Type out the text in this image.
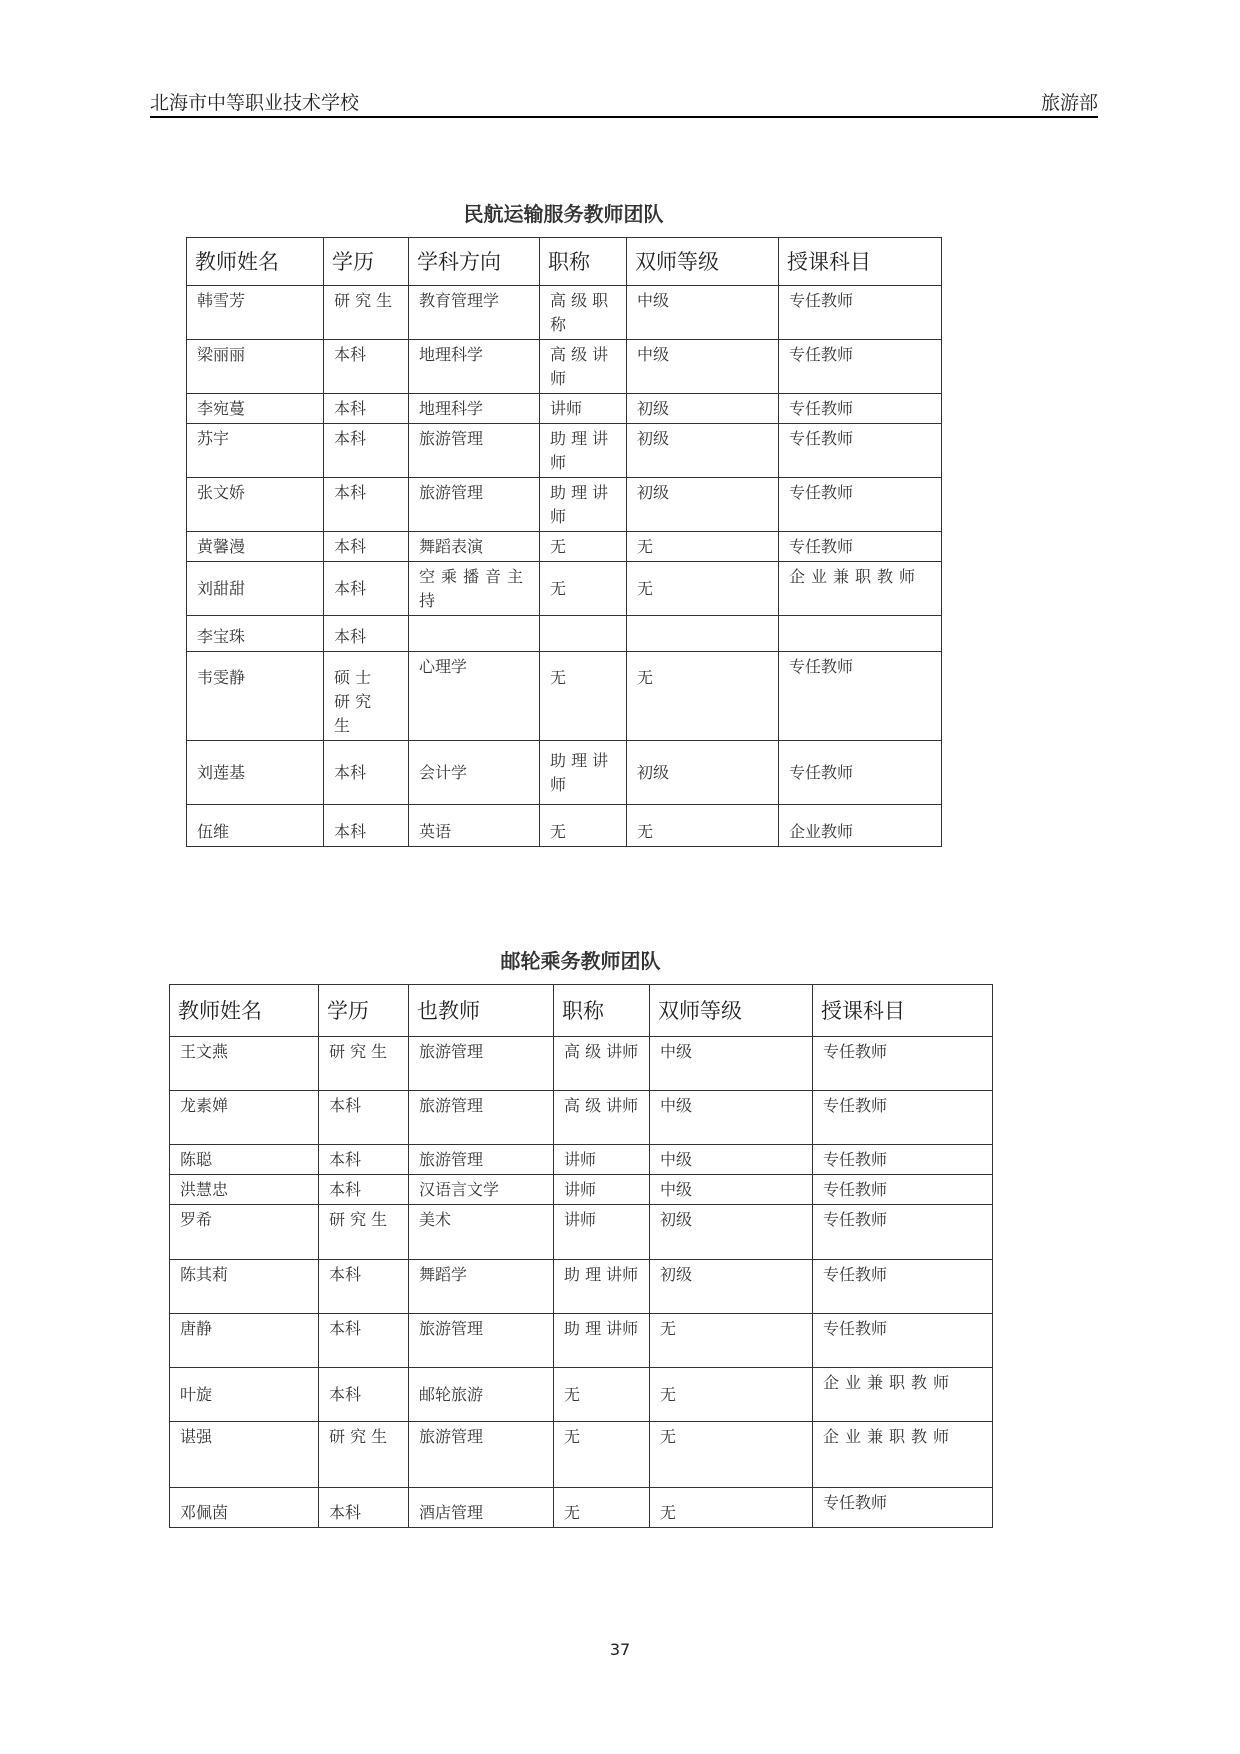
北海市中等职业技术学校	旅游部
民航运输服务教师团队
教师姓名	学历	学科方向	职称	双师等级	授课科目
韩雪芳	研 究 生	教育管理学	高 级 职称	中级	专任教师
梁丽丽	本科	地理科学	高 级 讲师	中级	专任教师
李宛蔓	本科	地理科学	讲师	初级	专任教师
苏宇	本科	旅游管理	助 理 讲师	初级	专任教师
张文娇	本科	旅游管理	助 理 讲师	初级	专任教师
黄馨漫	本科	舞蹈表演	无	无	专任教师
刘甜甜	本科	空乘播音主持	无	无	企业兼职教师
李宝珠	本科				
韦雯静	硕 士 研 究 生	心理学	无	无	专任教师
刘莲基	本科	会计学	助 理 讲师	初级	专任教师
伍维	本科	英语	无	无	企业教师
邮轮乘务教师团队
教师姓名	学历	也教师	职称	双师等级	授课科目
王文燕	研 究 生	旅游管理	高 级 讲师	中级	专任教师
龙素婵	本科	旅游管理	高 级 讲师	中级	专任教师
陈聪	本科	旅游管理	讲师	中级	专任教师
洪慧忠	本科	汉语言文学	讲师	中级	专任教师
罗希	研 究 生	美术	讲师	初级	专任教师
陈其莉	本科	舞蹈学	助 理 讲师	初级	专任教师
唐静	本科	旅游管理	助 理 讲师	无	专任教师
叶旋	本科	邮轮旅游	无	无	企业兼职教师
谌强	研 究 生	旅游管理	无	无	企业兼职教师
邓佩茵	本科	酒店管理	无	无	专任教师
37
